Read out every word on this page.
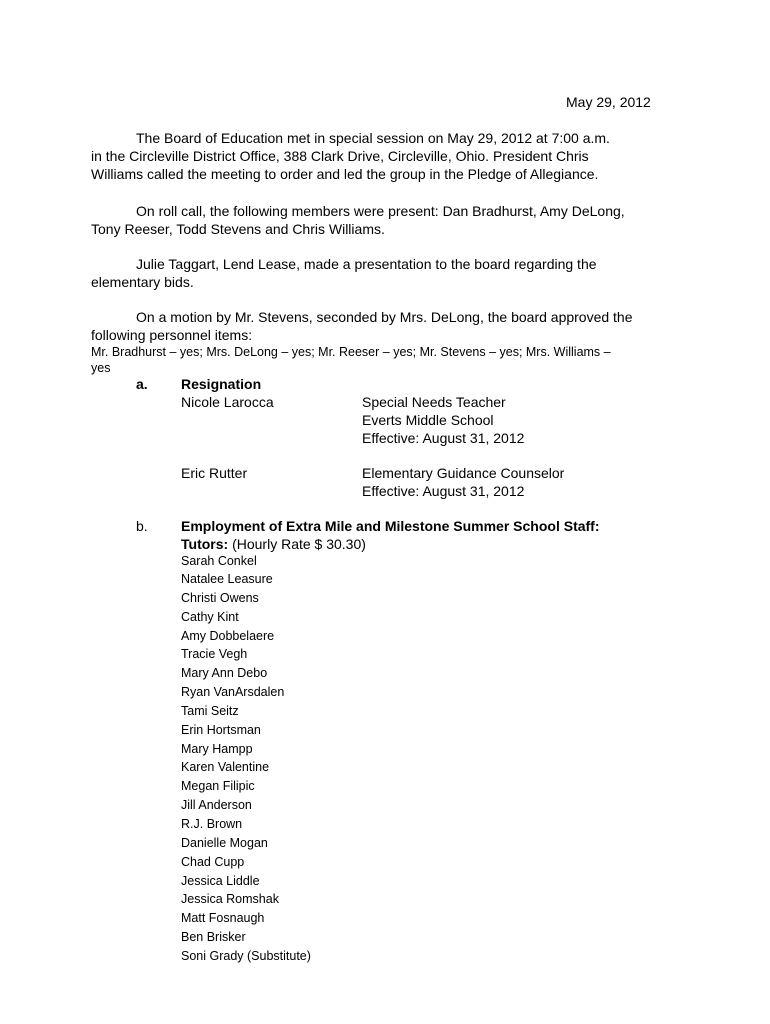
May 29, 2012
The Board of Education met in special session on May 29, 2012 at 7:00 a.m.
in the Circleville District Office, 388 Clark Drive, Circleville, Ohio. President Chris
Williams called the meeting to order and led the group in the Pledge of Allegiance.
On roll call, the following members were present: Dan Bradhurst, Amy DeLong,
Tony Reeser, Todd Stevens and Chris Williams.
Julie Taggart, Lend Lease, made a presentation to the board regarding the
elementary bids.
On a motion by Mr. Stevens, seconded by Mrs. DeLong, the board approved the
following personnel items:
Mr. Bradhurst – yes; Mrs. DeLong – yes; Mr. Reeser – yes; Mr. Stevens – yes; Mrs. Williams –
yes
a. Resignation
Nicole Larocca	Special Needs Teacher
Everts Middle School
Effective: August 31, 2012
Eric Rutter	Elementary Guidance Counselor
Effective: August 31, 2012
b. Employment of Extra Mile and Milestone Summer School Staff:
Tutors: (Hourly Rate $ 30.30)
Sarah Conkel
Natalee Leasure
Christi Owens
Cathy Kint
Amy Dobbelaere
Tracie Vegh
Mary Ann Debo
Ryan VanArsdalen
Tami Seitz
Erin Hortsman
Mary Hampp
Karen Valentine
Megan Filipic
Jill Anderson
R.J. Brown
Danielle Mogan
Chad Cupp
Jessica Liddle
Jessica Romshak
Matt Fosnaugh
Ben Brisker
Soni Grady (Substitute)
